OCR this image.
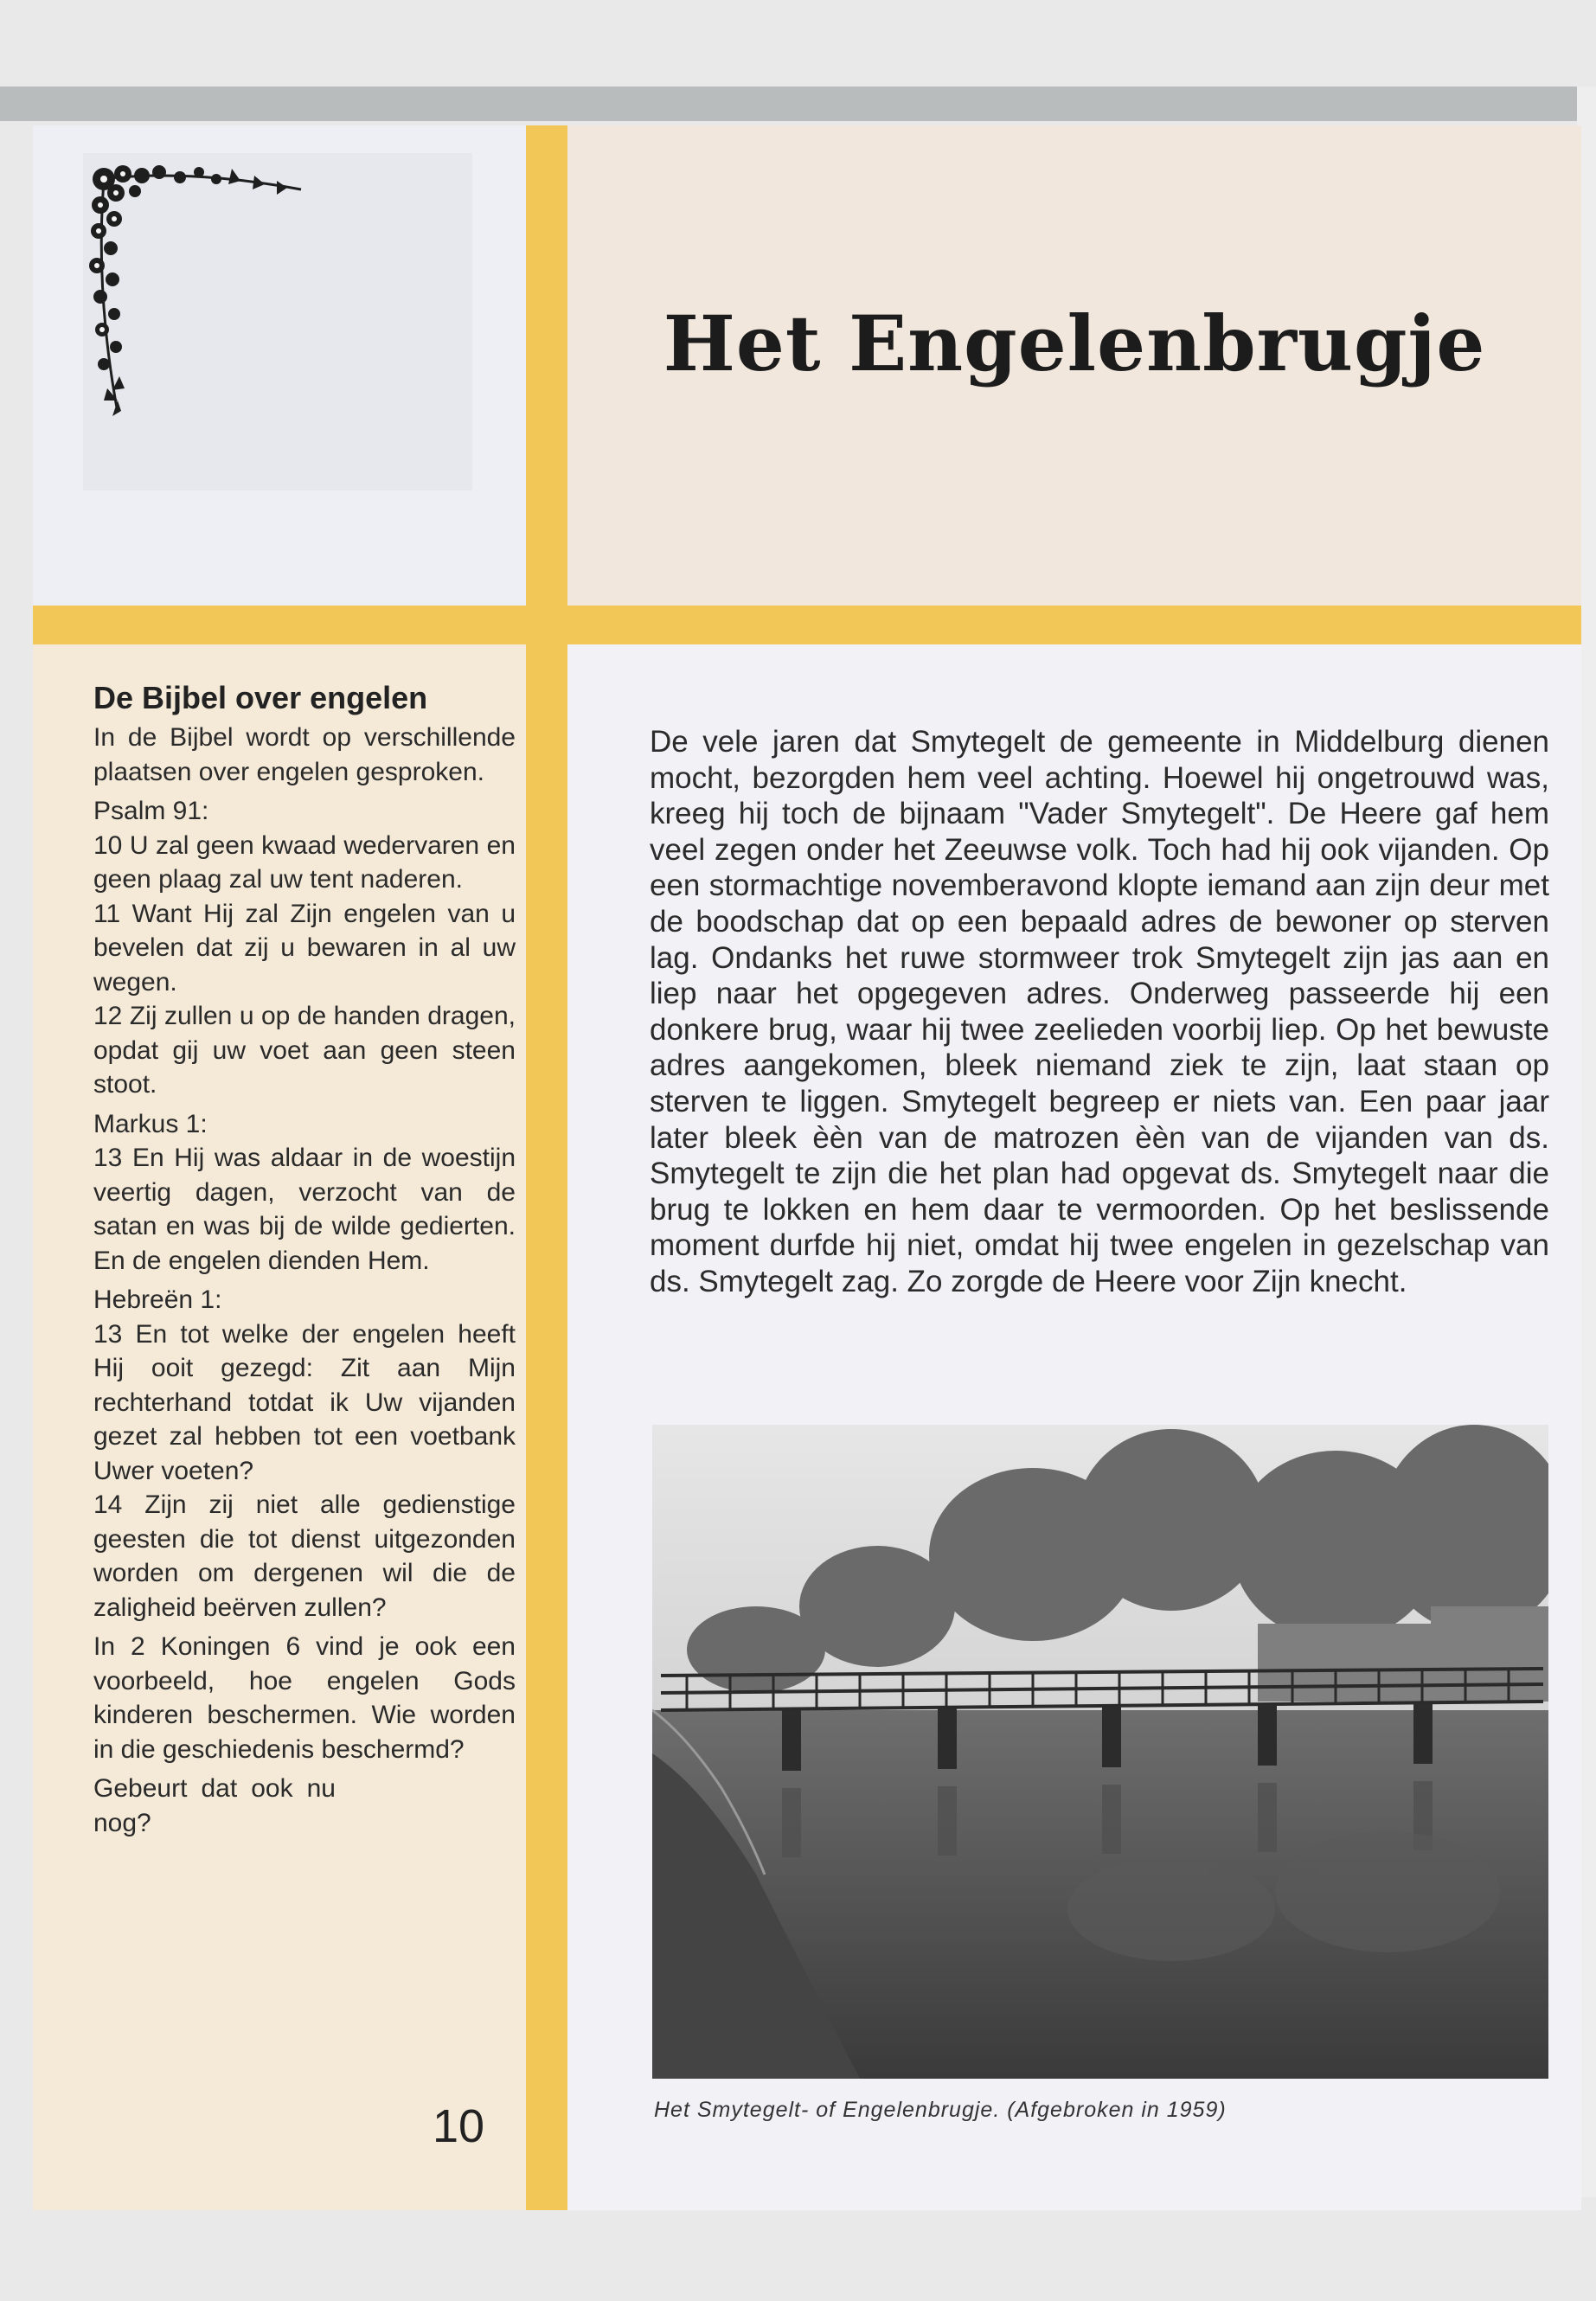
Het Engelenbrugje
De Bijbel over engelen

In de Bijbel wordt op verschillende plaatsen over engelen gesproken.

Psalm 91:

10 U zal geen kwaad wedervaren en geen plaag zal uw tent naderen.

11 Want Hij zal Zijn engelen van u bevelen dat zij u bewaren in al uw wegen.

12 Zij zullen u op de handen dragen, opdat gij uw voet aan geen steen stoot.

Markus 1:

13 En Hij was aldaar in de woestijn veertig dagen, verzocht van de satan en was bij de wilde gedierten. En de engelen dienden Hem.

Hebreën 1:

13 En tot welke der engelen heeft Hij ooit gezegd: Zit aan Mijn rechterhand totdat ik Uw vijanden gezet zal hebben tot een voetbank Uwer voeten?

14 Zijn zij niet alle gedienstige geesten die tot dienst uitgezonden worden om dergenen wil die de zaligheid beërven zullen?

In 2 Koningen 6 vind je ook een voorbeeld, hoe engelen Gods kinderen beschermen. Wie worden in die geschiedenis beschermd?

Gebeurt dat ook nu nog?

10

De vele jaren dat Smytegelt de gemeente in Middelburg dienen mocht, bezorgden hem veel achting. Hoewel hij ongetrouwd was, kreeg hij toch de bijnaam "Vader Smytegelt". De Heere gaf hem veel zegen onder het Zeeuwse volk. Toch had hij ook vijanden. Op een stormachtige novemberavond klopte iemand aan zijn deur met de boodschap dat op een bepaald adres de bewoner op sterven lag. Ondanks het ruwe stormweer trok Smytegelt zijn jas aan en liep naar het opgegeven adres. Onderweg passeerde hij een donkere brug, waar hij twee zeelieden voorbij liep. Op het bewuste adres aangekomen, bleek niemand ziek te zijn, laat staan op sterven te liggen. Smytegelt begreep er niets van. Een paar jaar later bleek èèn van de matrozen èèn van de vijanden van ds. Smytegelt te zijn die het plan had opgevat ds. Smytegelt naar die brug te lokken en hem daar te vermoorden. Op het beslissende moment durfde hij niet, omdat hij twee engelen in gezelschap van ds. Smytegelt zag. Zo zorgde de Heere voor Zijn knecht.

Het Smytegelt- of Engelenbrugje. (Afgebroken in 1959)
